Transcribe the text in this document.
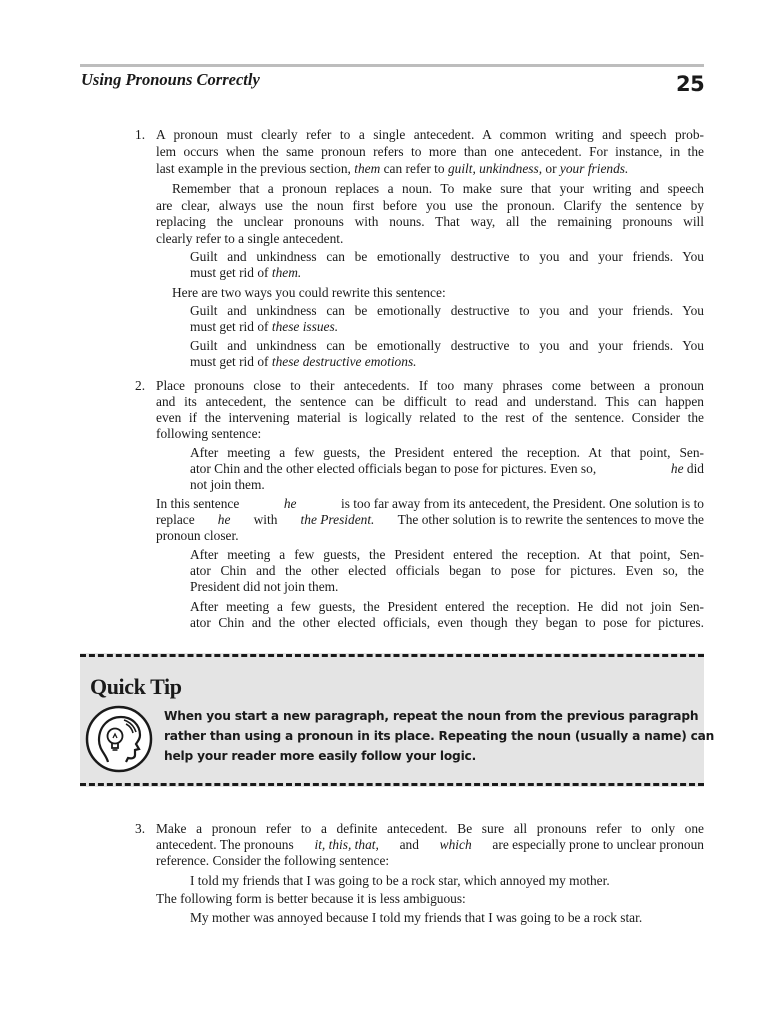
Using Pronouns Correctly	25
1. A pronoun must clearly refer to a single antecedent. A common writing and speech prob-
lem occurs when the same pronoun refers to more than one antecedent. For instance, in the
last example in the previous section, them can refer to guilt, unkindness, or your friends.
Remember that a pronoun replaces a noun. To make sure that your writing and speech
are clear, always use the noun first before you use the pronoun. Clarify the sentence by
replacing the unclear pronouns with nouns. That way, all the remaining pronouns will
clearly refer to a single antecedent.
Guilt and unkindness can be emotionally destructive to you and your friends. You
must get rid of them.
Here are two ways you could rewrite this sentence:
Guilt and unkindness can be emotionally destructive to you and your friends. You
must get rid of these issues.
Guilt and unkindness can be emotionally destructive to you and your friends. You
must get rid of these destructive emotions.
2. Place pronouns close to their antecedents. If too many phrases come between a pronoun
and its antecedent, the sentence can be difficult to read and understand. This can happen
even if the intervening material is logically related to the rest of the sentence. Consider the
following sentence:
After meeting a few guests, the President entered the reception. At that point, Sen-
ator Chin and the other elected officials began to pose for pictures. Even so,	he did
not join them.
In this sentence	he	is too far away from its antecedent, the President. One solution is to
replace he with the President. The other solution is to rewrite the sentences to move the
pronoun closer.
After meeting a few guests, the President entered the reception. At that point, Sen-
ator Chin and the other elected officials began to pose for pictures. Even so, the
President did not join them.
After meeting a few guests, the President entered the reception. He did not join Sen-
ator Chin and the other elected officials, even though they began to pose for pictures.
3. Make a pronoun refer to a definite antecedent. Be sure all pronouns refer to only one
antecedent. The pronouns it, this, that, and which are especially prone to unclear pronoun
reference. Consider the following sentence:
I told my friends that I was going to be a rock star, which annoyed my mother.
The following form is better because it is less ambiguous:
My mother was annoyed because I told my friends that I was going to be a rock star.
Quick Tip
When you start a new paragraph, repeat the noun from the previous paragraph
rather than using a pronoun in its place. Repeating the noun (usually a name) can
help your reader more easily follow your logic.
